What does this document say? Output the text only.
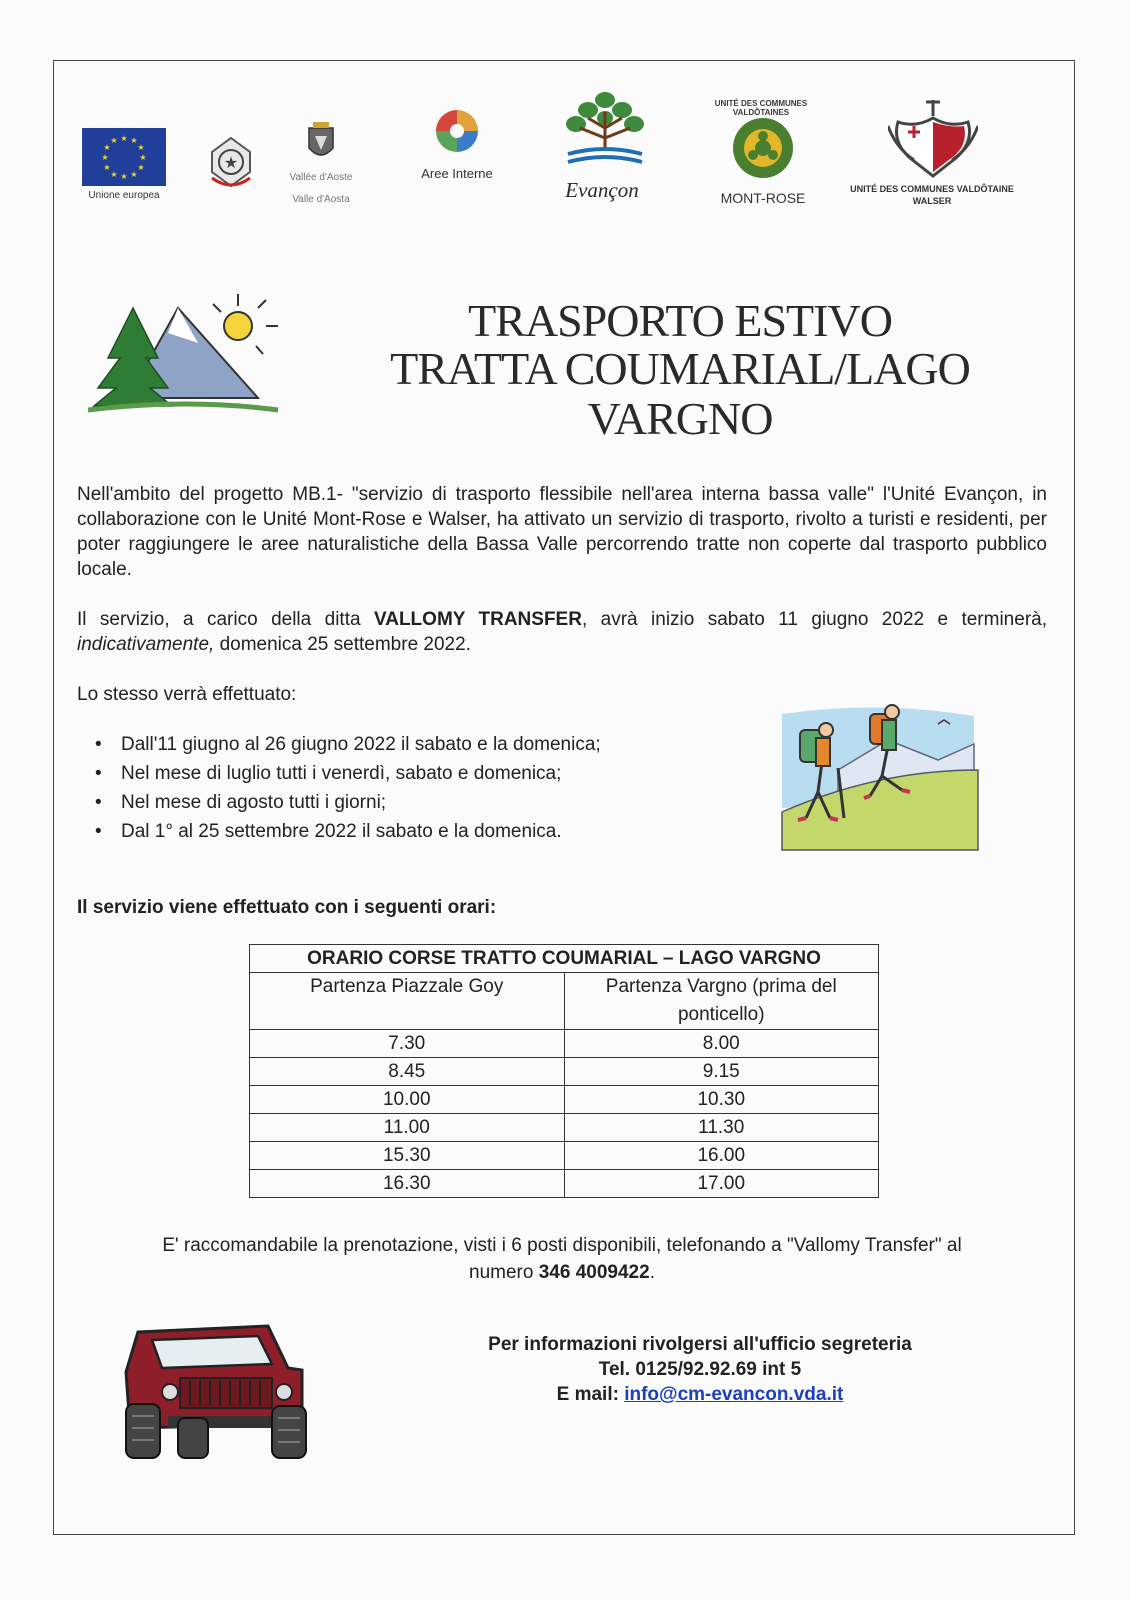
★ ★
★
★
★
★
★
★
★
★
★
★
Unione europea
★
Vallée d'Aoste
Valle d'Aosta
Aree Interne
Evançon
UNITÉ DES COMMUNES VALDÔTAINES
MONT-ROSE
UNITÉ DES COMMUNES VALDÔTAINE
WALSER
TRASPORTO ESTIVO
TRATTA COUMARIAL/LAGO VARGNO
Nell'ambito del progetto MB.1- "servizio di trasporto flessibile nell'area interna bassa valle" l'Unité Evançon, in collaborazione con le Unité Mont-Rose e Walser, ha attivato un servizio di trasporto, rivolto a turisti e residenti, per poter raggiungere le aree naturalistiche della Bassa Valle percorrendo tratte non coperte dal trasporto pubblico locale.
Il servizio, a carico della ditta VALLOMY TRANSFER, avrà inizio sabato 11 giugno 2022 e terminerà, indicativamente, domenica 25 settembre 2022.
Lo stesso verrà effettuato:
• Dall'11 giugno al 26 giugno 2022 il sabato e la domenica;
• Nel mese di luglio tutti i venerdì, sabato e domenica;
• Nel mese di agosto tutti i giorni;
• Dal 1° al 25 settembre 2022 il sabato e la domenica.
Il servizio viene effettuato con i seguenti orari:
ORARIO CORSE TRATTO COUMARIAL – LAGO VARGNO	
Partenza Piazzale Goy	Partenza Vargno (prima del
ponticello)
7.30	8.00
8.45	9.15
10.00	10.30
11.00	11.30
15.30	16.00
16.30	17.00
E' raccomandabile la prenotazione, visti i 6 posti disponibili, telefonando a "Vallomy Transfer" al
numero 346 4009422.
Per informazioni rivolgersi all'ufficio segreteria
Tel. 0125/92.92.69 int 5
E mail: info@cm-evancon.vda.it
